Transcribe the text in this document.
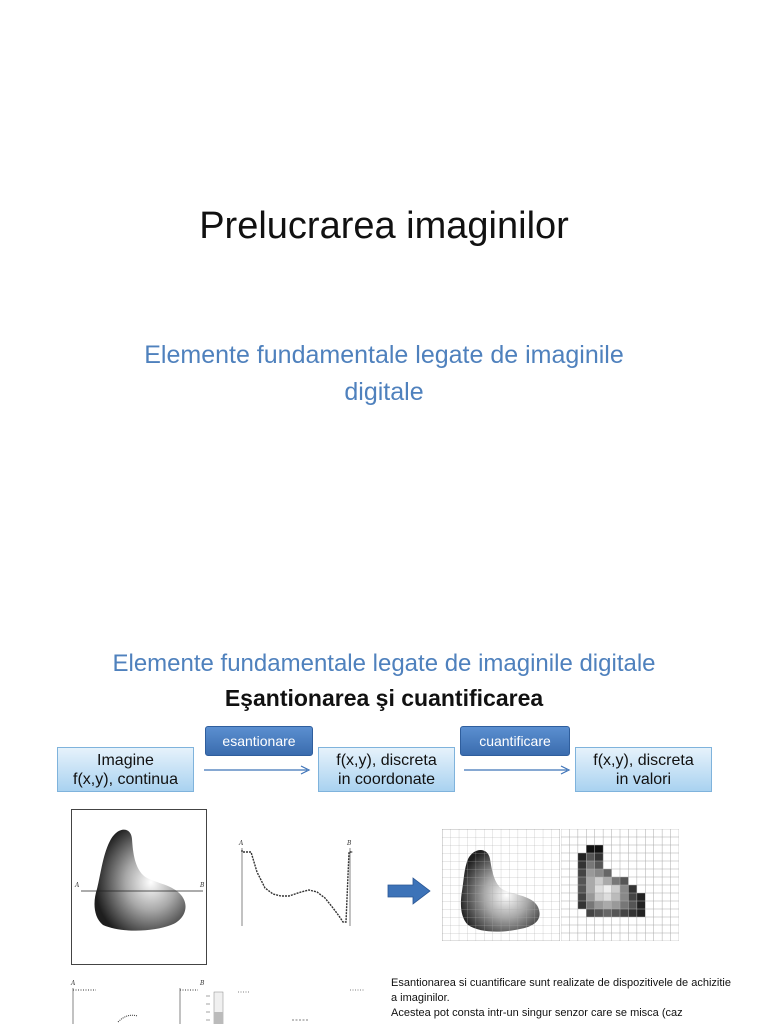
Prelucrarea imaginilor
Elemente fundamentale legate de imaginile digitale
Elemente fundamentale legate de imaginile digitale
Eşantionarea şi cuantificarea
Imagine
f(x,y), continua
esantionare
f(x,y), discreta
in coordonate
cuantificare
f(x,y), discreta
in valori
A	B
A	B
A	B	Esantionarea si cuantificare sunt realizate de dispozitivele de achizitie a imaginilor.

Acestea pot consta intr-un singur senzor care se misca (caz
